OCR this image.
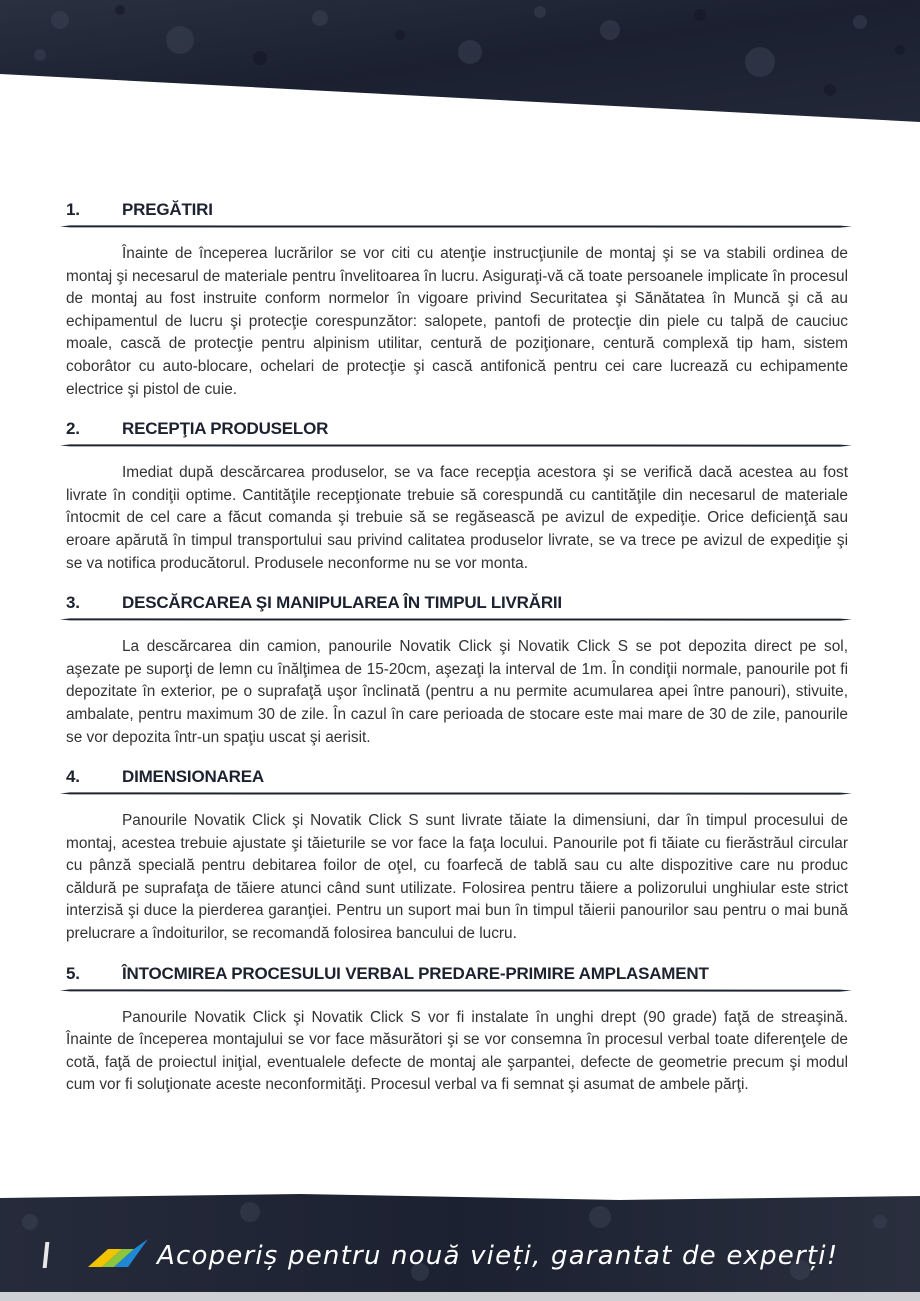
1.	PREGĂTIRI

Înainte de începerea lucrărilor se vor citi cu atenţie instrucţiunile de montaj şi se va stabili ordinea de montaj şi necesarul de materiale pentru învelitoarea în lucru. Asiguraţi-vă că toate persoanele implicate în procesul de montaj au fost instruite conform normelor în vigoare privind Securitatea şi Sănătatea în Muncă şi că au echipamentul de lucru şi protecţie corespunzător: salopete, pantofi de protecţie din piele cu talpă de cauciuc moale, cască de protecţie pentru alpinism utilitar, centură de poziţionare, centură complexă tip ham, sistem coborâtor cu auto-blocare, ochelari de protecţie şi cască antifonică pentru cei care lucrează cu echipamente electrice şi pistol de cuie.

2.	RECEPŢIA PRODUSELOR

Imediat după descărcarea produselor, se va face recepţia acestora şi se verifică dacă acestea au fost livrate în condiţii optime. Cantităţile recepţionate trebuie să corespundă cu cantităţile din necesarul de materiale întocmit de cel care a făcut comanda şi trebuie să se regăsească pe avizul de expediţie. Orice deficienţă sau eroare apărută în timpul transportului sau privind calitatea produselor livrate, se va trece pe avizul de expediţie şi se va notifica producătorul. Produsele neconforme nu se vor monta.

3.	DESCĂRCAREA ŞI MANIPULAREA ÎN TIMPUL LIVRĂRII

La descărcarea din camion, panourile Novatik Click şi Novatik Click S se pot depozita direct pe sol, aşezate pe suporţi de lemn cu înălţimea de 15-20cm, aşezaţi la interval de 1m. În condiţii normale, panourile pot fi depozitate în exterior, pe o suprafaţă uşor înclinată (pentru a nu permite acumularea apei între panouri), stivuite, ambalate, pentru maximum 30 de zile. În cazul în care perioada de stocare este mai mare de 30 de zile, panourile se vor depozita într-un spaţiu uscat şi aerisit.

4.	DIMENSIONAREA

Panourile Novatik Click şi Novatik Click S sunt livrate tăiate la dimensiuni, dar în timpul procesului de montaj, acestea trebuie ajustate şi tăieturile se vor face la faţa locului. Panourile pot fi tăiate cu fierăstrăul circular cu pânză specială pentru debitarea foilor de oţel, cu foarfecă de tablă sau cu alte dispozitive care nu produc căldură pe suprafaţa de tăiere atunci când sunt utilizate. Folosirea pentru tăiere a polizorului unghiular este strict interzisă şi duce la pierderea garanţiei. Pentru un suport mai bun în timpul tăierii panourilor sau pentru o mai bună prelucrare a îndoiturilor, se recomandă folosirea bancului de lucru.

5.	ÎNTOCMIREA PROCESULUI VERBAL PREDARE-PRIMIRE AMPLASAMENT

Panourile Novatik Click şi Novatik Click S vor fi instalate în unghi drept (90 grade) faţă de streaşină. Înainte de începerea montajului se vor face măsurători şi se vor consemna în procesul verbal toate diferenţele de cotă, faţă de proiectul iniţial, eventualele defecte de montaj ale şarpantei, defecte de geometrie precum şi modul cum vor fi soluţionate aceste neconformităţi. Procesul verbal va fi semnat şi asumat de ambele părţi.

Acoperiș pentru nouă vieți, garantat de experți!
